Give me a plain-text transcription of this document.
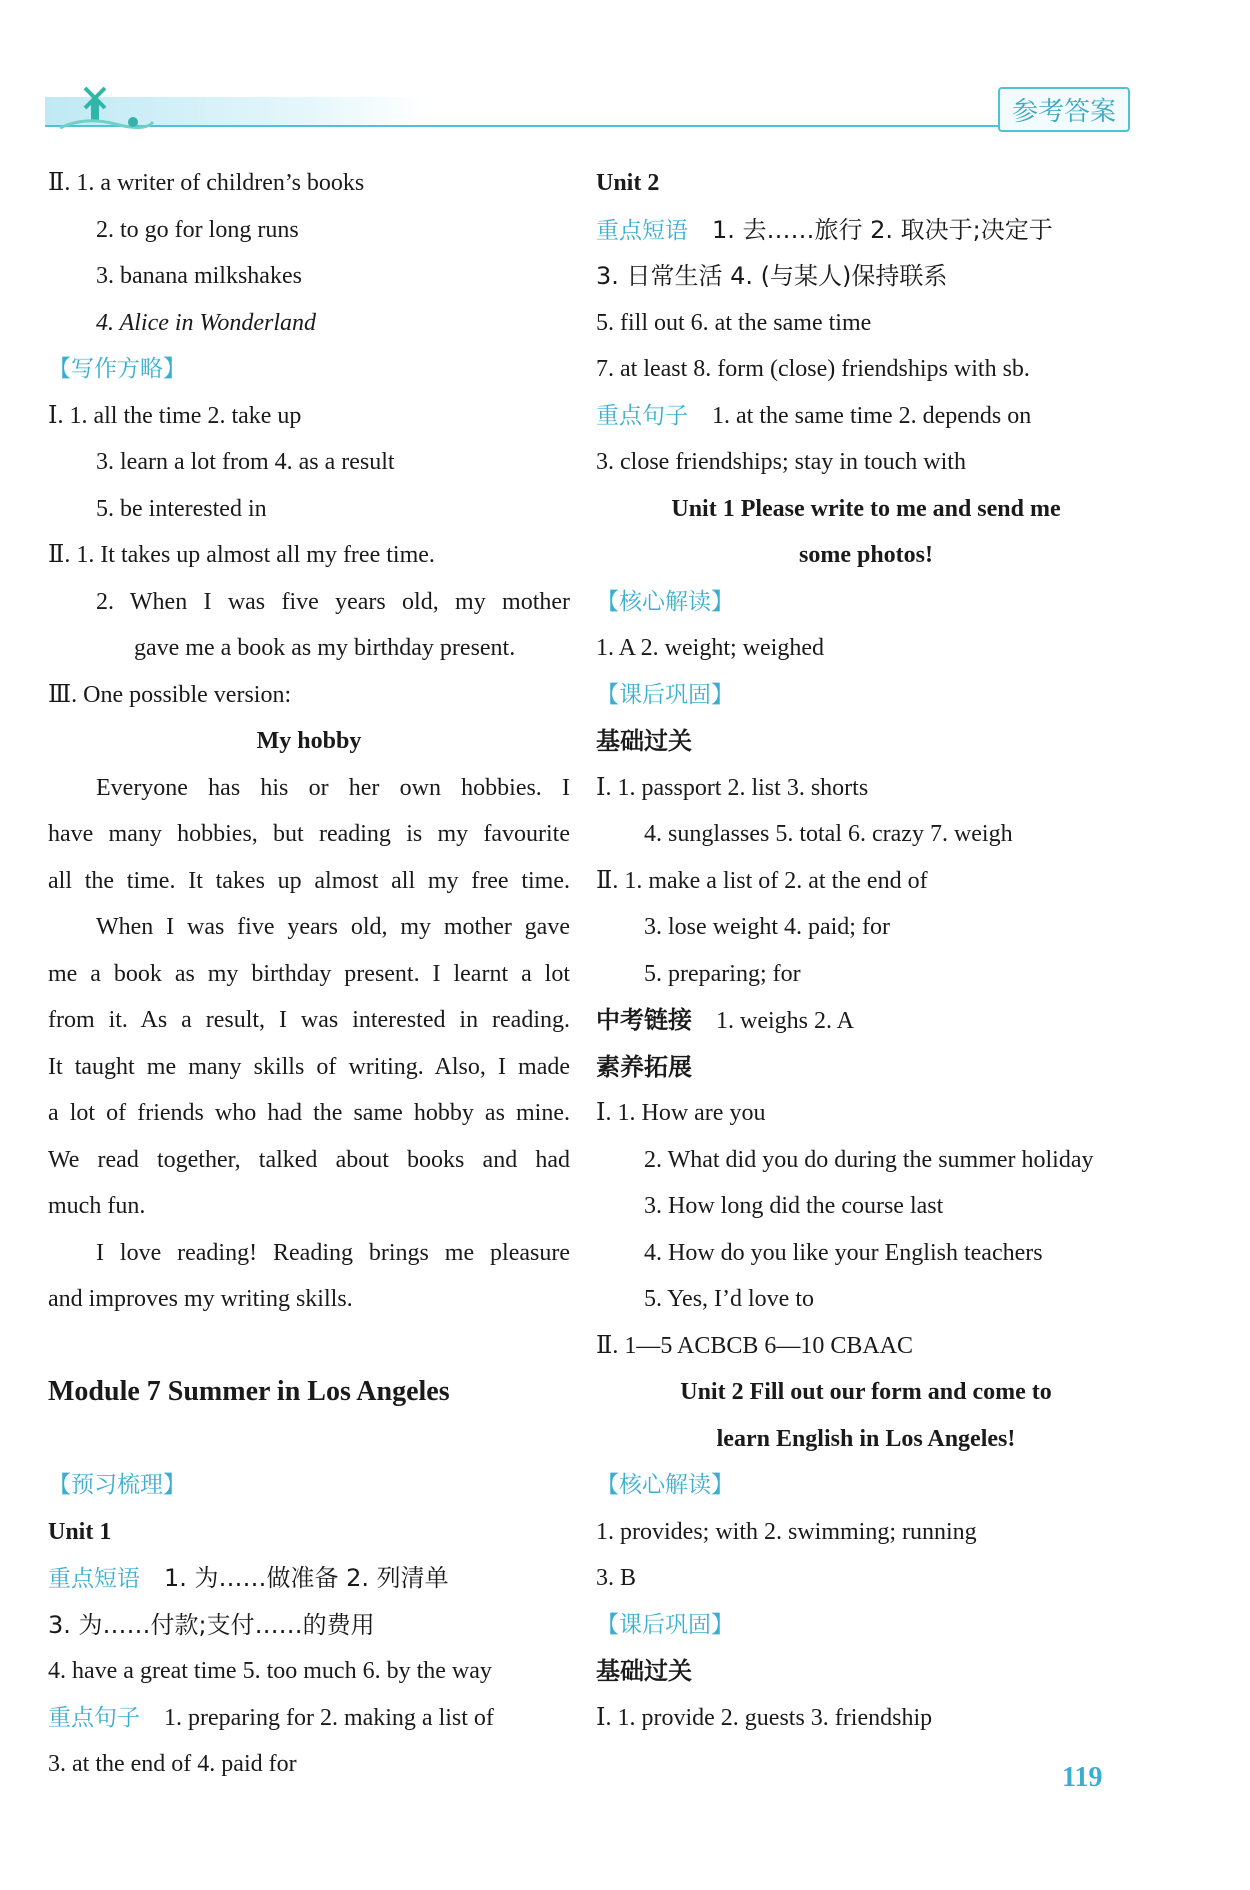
参考答案
Ⅱ. 1. a writer of children’s books
2. to go for long runs
3. banana milkshakes
4. Alice in Wonderland
【写作方略】
Ⅰ. 1. all the time 2. take up
3. learn a lot from 4. as a result
5. be interested in
Ⅱ. 1. It takes up almost all my free time.
2. When I was five years old, my mother
gave me a book as my birthday present.
Ⅲ. One possible version:
My hobby
Everyone has his or her own hobbies. I
have many hobbies, but reading is my favourite
all the time. It takes up almost all my free time.
When I was five years old, my mother gave
me a book as my birthday present. I learnt a lot
from it. As a result, I was interested in reading.
It taught me many skills of writing. Also, I made
a lot of friends who had the same hobby as mine.
We read together, talked about books and had
much fun.
I love reading! Reading brings me pleasure
and improves my writing skills.
Module 7 Summer in Los Angeles
【预习梳理】
Unit 1
重点短语 1. 为……做准备 2. 列清单
3. 为……付款;支付……的费用
4. have a great time 5. too much 6. by the way
重点句子 1. preparing for 2. making a list of
3. at the end of 4. paid for
Unit 2
重点短语 1. 去……旅行 2. 取决于;决定于
3. 日常生活 4. (与某人)保持联系
5. fill out 6. at the same time
7. at least 8. form (close) friendships with sb.
重点句子 1. at the same time 2. depends on
3. close friendships; stay in touch with
Unit 1 Please write to me and send me
some photos!
【核心解读】
1. A 2. weight; weighed
【课后巩固】
基础过关
Ⅰ. 1. passport 2. list 3. shorts
4. sunglasses 5. total 6. crazy 7. weigh
Ⅱ. 1. make a list of 2. at the end of
3. lose weight 4. paid; for
5. preparing; for
中考链接 1. weighs 2. A
素养拓展
Ⅰ. 1. How are you
2. What did you do during the summer holiday
3. How long did the course last
4. How do you like your English teachers
5. Yes, I’d love to
Ⅱ. 1—5 ACBCB 6—10 CBAAC
Unit 2 Fill out our form and come to
learn English in Los Angeles!
【核心解读】
1. provides; with 2. swimming; running
3. B
【课后巩固】
基础过关
Ⅰ. 1. provide 2. guests 3. friendship
119
